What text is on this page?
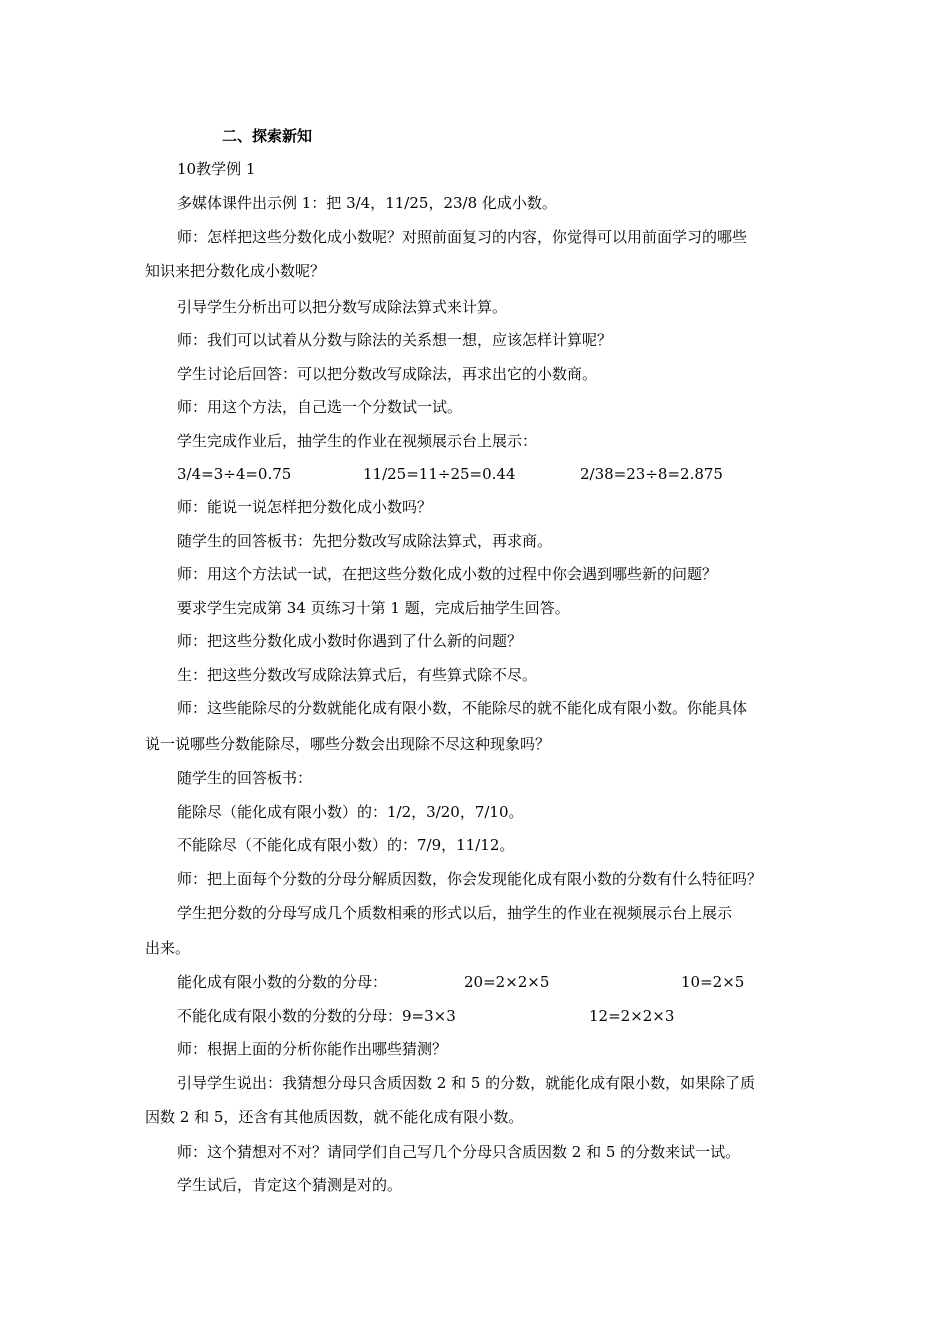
二、探索新知
10教学例 1
多媒体课件出示例 1：把 3/4，11/25，23/8 化成小数。
师：怎样把这些分数化成小数呢？对照前面复习的内容，你觉得可以用前面学习的哪些
知识来把分数化成小数呢？
引导学生分析出可以把分数写成除法算式来计算。
师：我们可以试着从分数与除法的关系想一想，应该怎样计算呢？
学生讨论后回答：可以把分数改写成除法，再求出它的小数商。
师：用这个方法，自己选一个分数试一试。
学生完成作业后，抽学生的作业在视频展示台上展示：
3/4=3÷4=0.75	11/25=11÷25=0.44	2/38=23÷8=2.875
师：能说一说怎样把分数化成小数吗？
随学生的回答板书：先把分数改写成除法算式，再求商。
师：用这个方法试一试，在把这些分数化成小数的过程中你会遇到哪些新的问题？
要求学生完成第 34 页练习十第 1 题，完成后抽学生回答。
师：把这些分数化成小数时你遇到了什么新的问题？
生：把这些分数改写成除法算式后，有些算式除不尽。
师：这些能除尽的分数就能化成有限小数，不能除尽的就不能化成有限小数。你能具体
说一说哪些分数能除尽，哪些分数会出现除不尽这种现象吗？
随学生的回答板书：
能除尽（能化成有限小数）的：1/2，3/20，7/10。
不能除尽（不能化成有限小数）的：7/9，11/12。
师：把上面每个分数的分母分解质因数，你会发现能化成有限小数的分数有什么特征吗？
学生把分数的分母写成几个质数相乘的形式以后，抽学生的作业在视频展示台上展示
出来。
能化成有限小数的分数的分母：	20=2×2×5	10=2×5
不能化成有限小数的分数的分母：9=3×3	12=2×2×3
师：根据上面的分析你能作出哪些猜测？
引导学生说出：我猜想分母只含质因数 2 和 5 的分数，就能化成有限小数，如果除了质
因数 2 和 5，还含有其他质因数，就不能化成有限小数。
师：这个猜想对不对？请同学们自己写几个分母只含质因数 2 和 5 的分数来试一试。
学生试后，肯定这个猜测是对的。
